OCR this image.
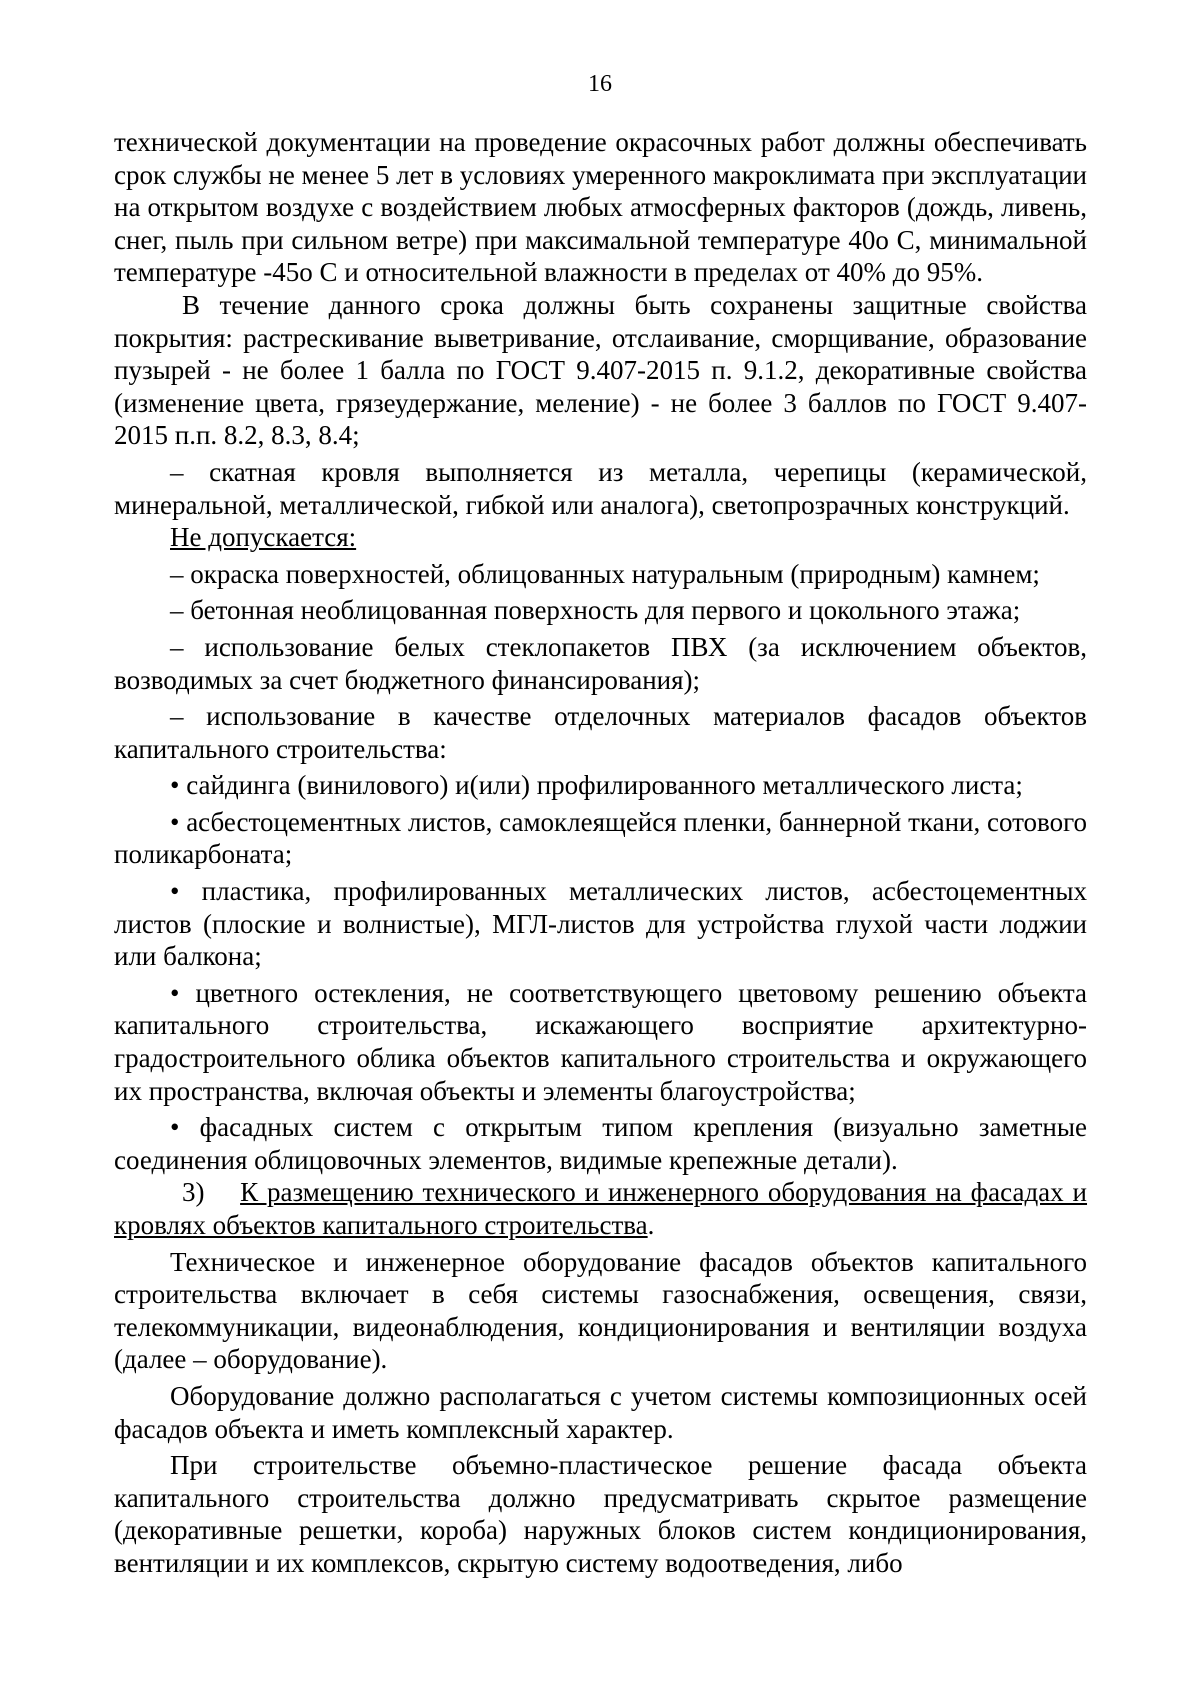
16

технической документации на проведение окрасочных работ должны обеспечивать срок службы не менее 5 лет в условиях умеренного макроклимата при эксплуатации на открытом воздухе с воздействием любых атмосферных факторов (дождь, ливень, снег, пыль при сильном ветре) при максимальной температуре 40о С, минимальной температуре -45о С и относительной влажности в пределах от 40% до 95%.

В течение данного срока должны быть сохранены защитные свойства покрытия: растрескивание выветривание, отслаивание, сморщивание, образование пузырей - не более 1 балла по ГОСТ 9.407-2015 п. 9.1.2, декоративные свойства (изменение цвета, грязеудержание, меление) - не более 3 баллов по ГОСТ 9.407-2015 п.п. 8.2, 8.3, 8.4;

– скатная кровля выполняется из металла, черепицы (керамической, минеральной, металлической, гибкой или аналога), светопрозрачных конструкций.

Не допускается:

– окраска поверхностей, облицованных натуральным (природным) камнем;

– бетонная необлицованная поверхность для первого и цокольного этажа;

– использование белых стеклопакетов ПВХ (за исключением объектов, возводимых за счет бюджетного финансирования);

– использование в качестве отделочных материалов фасадов объектов капитального строительства:

• сайдинга (винилового) и(или) профилированного металлического листа;

• асбестоцементных листов, самоклеящейся пленки, баннерной ткани, сотового поликарбоната;

• пластика, профилированных металлических листов, асбестоцементных листов (плоские и волнистые), МГЛ-листов для устройства глухой части лоджии или балкона;

• цветного остекления, не соответствующего цветовому решению объекта капитального строительства, искажающего восприятие архитектурно-градостроительного облика объектов капитального строительства и окружающего их пространства, включая объекты и элементы благоустройства;

• фасадных систем с открытым типом крепления (визуально заметные соединения облицовочных элементов, видимые крепежные детали).

3) К размещению технического и инженерного оборудования на фасадах и кровлях объектов капитального строительства.

Техническое и инженерное оборудование фасадов объектов капитального строительства включает в себя системы газоснабжения, освещения, связи, телекоммуникации, видеонаблюдения, кондиционирования и вентиляции воздуха (далее – оборудование).

Оборудование должно располагаться с учетом системы композиционных осей фасадов объекта и иметь комплексный характер.

При строительстве объемно-пластическое решение фасада объекта капитального строительства должно предусматривать скрытое размещение (декоративные решетки, короба) наружных блоков систем кондиционирования, вентиляции и их комплексов, скрытую систему водоотведения, либо
